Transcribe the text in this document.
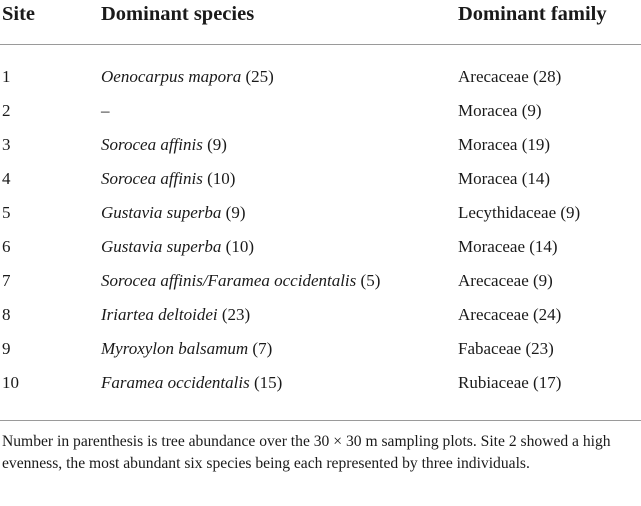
Site	Dominant species	Dominant family
1	Oenocarpus mapora (25)	Arecaceae (28)
2	–	Moracea (9)
3	Sorocea affinis (9)	Moracea (19)
4	Sorocea affinis (10)	Moracea (14)
5	Gustavia superba (9)	Lecythidaceae (9)
6	Gustavia superba (10)	Moraceae (14)
7	Sorocea affinis/Faramea occidentalis (5)	Arecaceae (9)
8	Iriartea deltoidei (23)	Arecaceae (24)
9	Myroxylon balsamum (7)	Fabaceae (23)
10	Faramea occidentalis (15)	Rubiaceae (17)
Number in parenthesis is tree abundance over the 30 × 30 m sampling plots. Site 2 showed a high evenness, the most abundant six species being each represented by three individuals.
